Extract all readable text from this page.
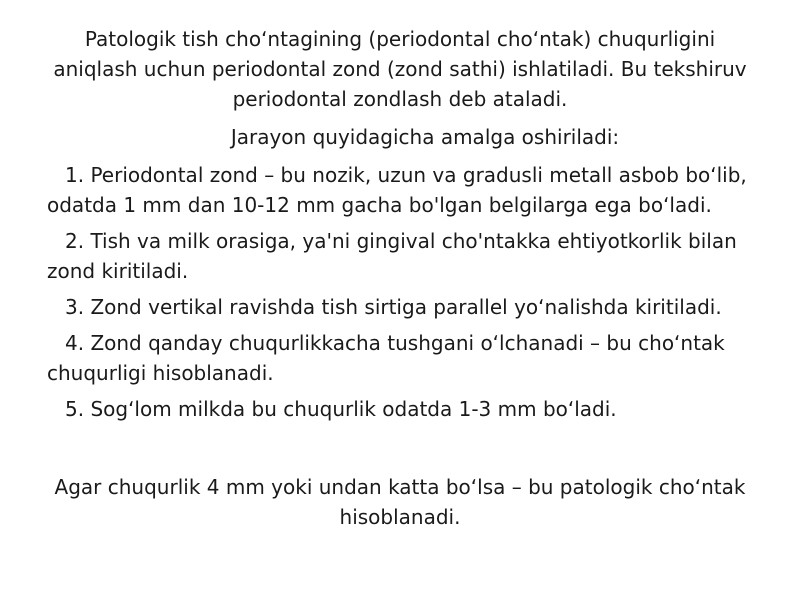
Patologik tish choʻntagining (periodontal choʻntak) chuqurligini aniqlash uchun periodontal zond (zond sathi) ishlatiladi. Bu tekshiruv periodontal zondlash deb ataladi.

Jarayon quyidagicha amalga oshiriladi:

1. Periodontal zond – bu nozik, uzun va gradusli metall asbob boʻlib, odatda 1 mm dan 10-12 mm gacha bo'lgan belgilarga ega boʻladi.
2. Tish va milk orasiga, ya'ni gingival cho'ntakka ehtiyotkorlik bilan zond kiritiladi.
3. Zond vertikal ravishda tish sirtiga parallel yoʻnalishda kiritiladi.
4. Zond qanday chuqurlikkacha tushgani oʻlchanadi – bu choʻntak chuqurligi hisoblanadi.
5. Sogʻlom milkda bu chuqurlik odatda 1-3 mm boʻladi.

Agar chuqurlik 4 mm yoki undan katta boʻlsa – bu patologik choʻntak hisoblanadi.
